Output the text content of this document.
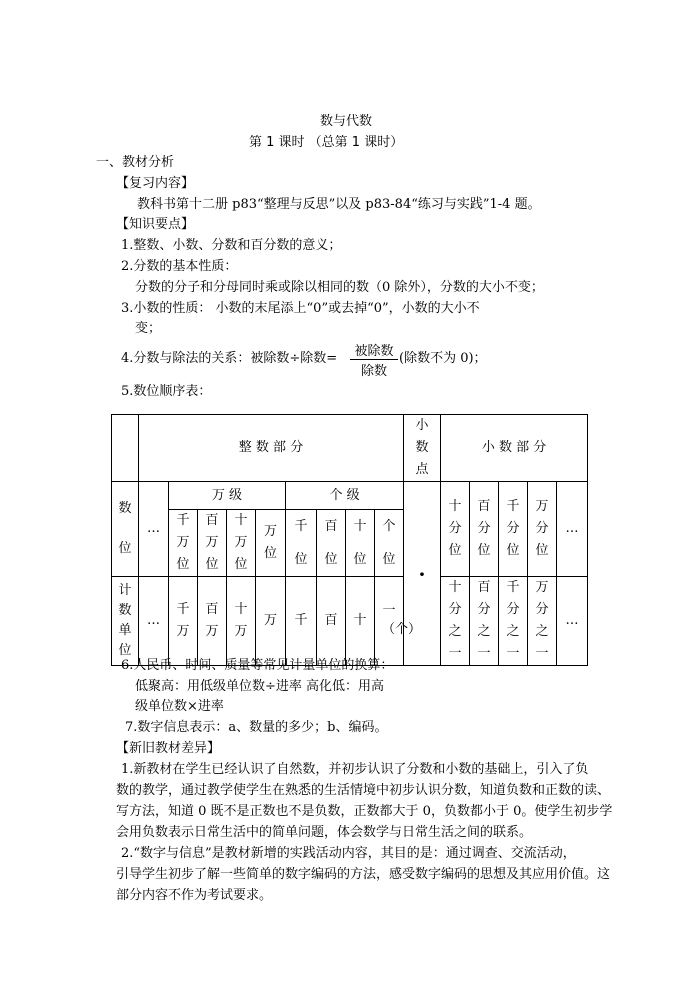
数与代数
第 1 课时 （总第 1 课时）
一、教材分析
【复习内容】
教科书第十二册 p83“整理与反思”以及 p83-84“练习与实践”1-4 题。
【知识要点】
1.整数、小数、分数和百分数的意义；
2.分数的基本性质：
分数的分子和分母同时乘或除以相同的数（0 除外），分数的大小不变；
3.小数的性质： 小数的末尾添上“0”或去掉“0”，小数的大小不
变；
4.分数与除法的关系：被除数÷除数=	被除数
除数
(除数不为 0)；
5.数位顺序表：
	整 数 部 分									小数点	小 数 部 分				
数位	…	万 级				个 级				·	十分位	百分位	千分位	万分位	…
		千万位	百万位	十万位	万位	千位	百位	十位	个位						
计数单位	…	千万	百万	十万	万	千	百	十	一（个）		十分之一	百分之一	千分之一	万分之一	…
6.人民币、时间、质量等常见计量单位的换算：
低聚高：用低级单位数÷进率 高化低：用高
级单位数×进率
7.数字信息表示：a、数量的多少；b、编码。
【新旧教材差异】
1.新教材在学生已经认识了自然数，并初步认识了分数和小数的基础上，引入了负
数的教学，通过教学使学生在熟悉的生活情境中初步认识分数，知道负数和正数的读、
写方法，知道 0 既不是正数也不是负数，正数都大于 0，负数都小于 0。使学生初步学
会用负数表示日常生活中的简单问题，体会数学与日常生活之间的联系。
2.“数字与信息”是教材新增的实践活动内容，其目的是：通过调查、交流活动，
引导学生初步了解一些简单的数字编码的方法，感受数字编码的思想及其应用价值。这
部分内容不作为考试要求。
